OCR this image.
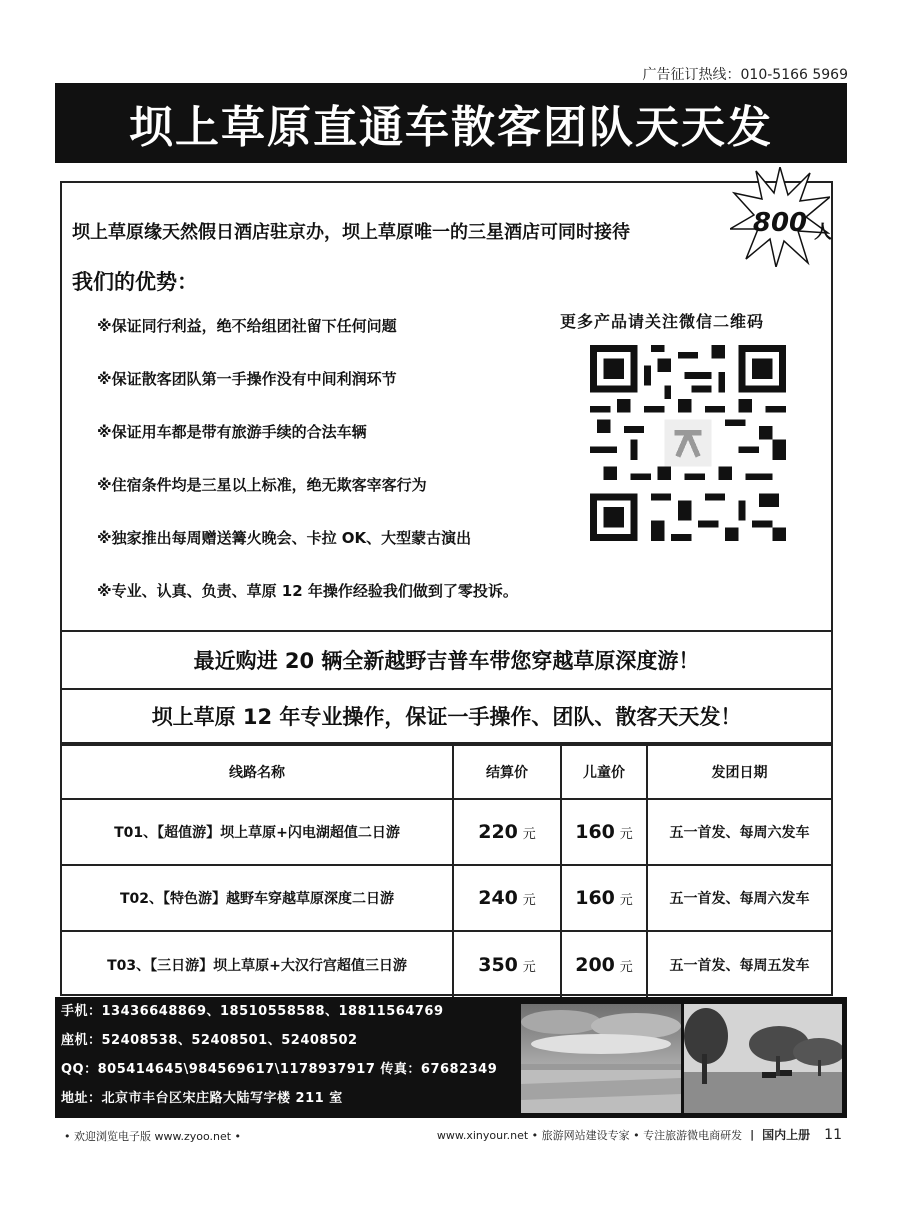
广告征订热线：010-5166 5969
坝上草原直通车散客团队天天发
坝上草原缘天然假日酒店驻京办，坝上草原唯一的三星酒店可同时接待	800 人
我们的优势：
※保证同行利益，绝不给组团社留下任何问题
※保证散客团队第一手操作没有中间利润环节
※保证用车都是带有旅游手续的合法车辆
※住宿条件均是三星以上标准，绝无欺客宰客行为
※独家推出每周赠送篝火晚会、卡拉 OK、大型蒙古演出
※专业、认真、负责、草原 12 年操作经验我们做到了零投诉。
更多产品请关注微信二维码
最近购进 20 辆全新越野吉普车带您穿越草原深度游！
坝上草原 12 年专业操作，保证一手操作、团队、散客天天发！
线路名称	结算价	儿童价	发团日期
T01、【超值游】坝上草原+闪电湖超值二日游	220 元	160 元	五一首发、每周六发车
T02、【特色游】越野车穿越草原深度二日游	240 元	160 元	五一首发、每周六发车
T03、【三日游】坝上草原+大汉行宫超值三日游	350 元	200 元	五一首发、每周五发车
手机：13436648869、18510558588、18811564769
座机：52408538、52408501、52408502
QQ：805414645\984569617\1178937917 传真：67682349
地址：北京市丰台区宋庄路大陆写字楼 211 室
• 欢迎浏览电子版 www.zyoo.net •	www.xinyour.net • 旅游网站建设专家 • 专注旅游微电商研发 | 国内上册 11
